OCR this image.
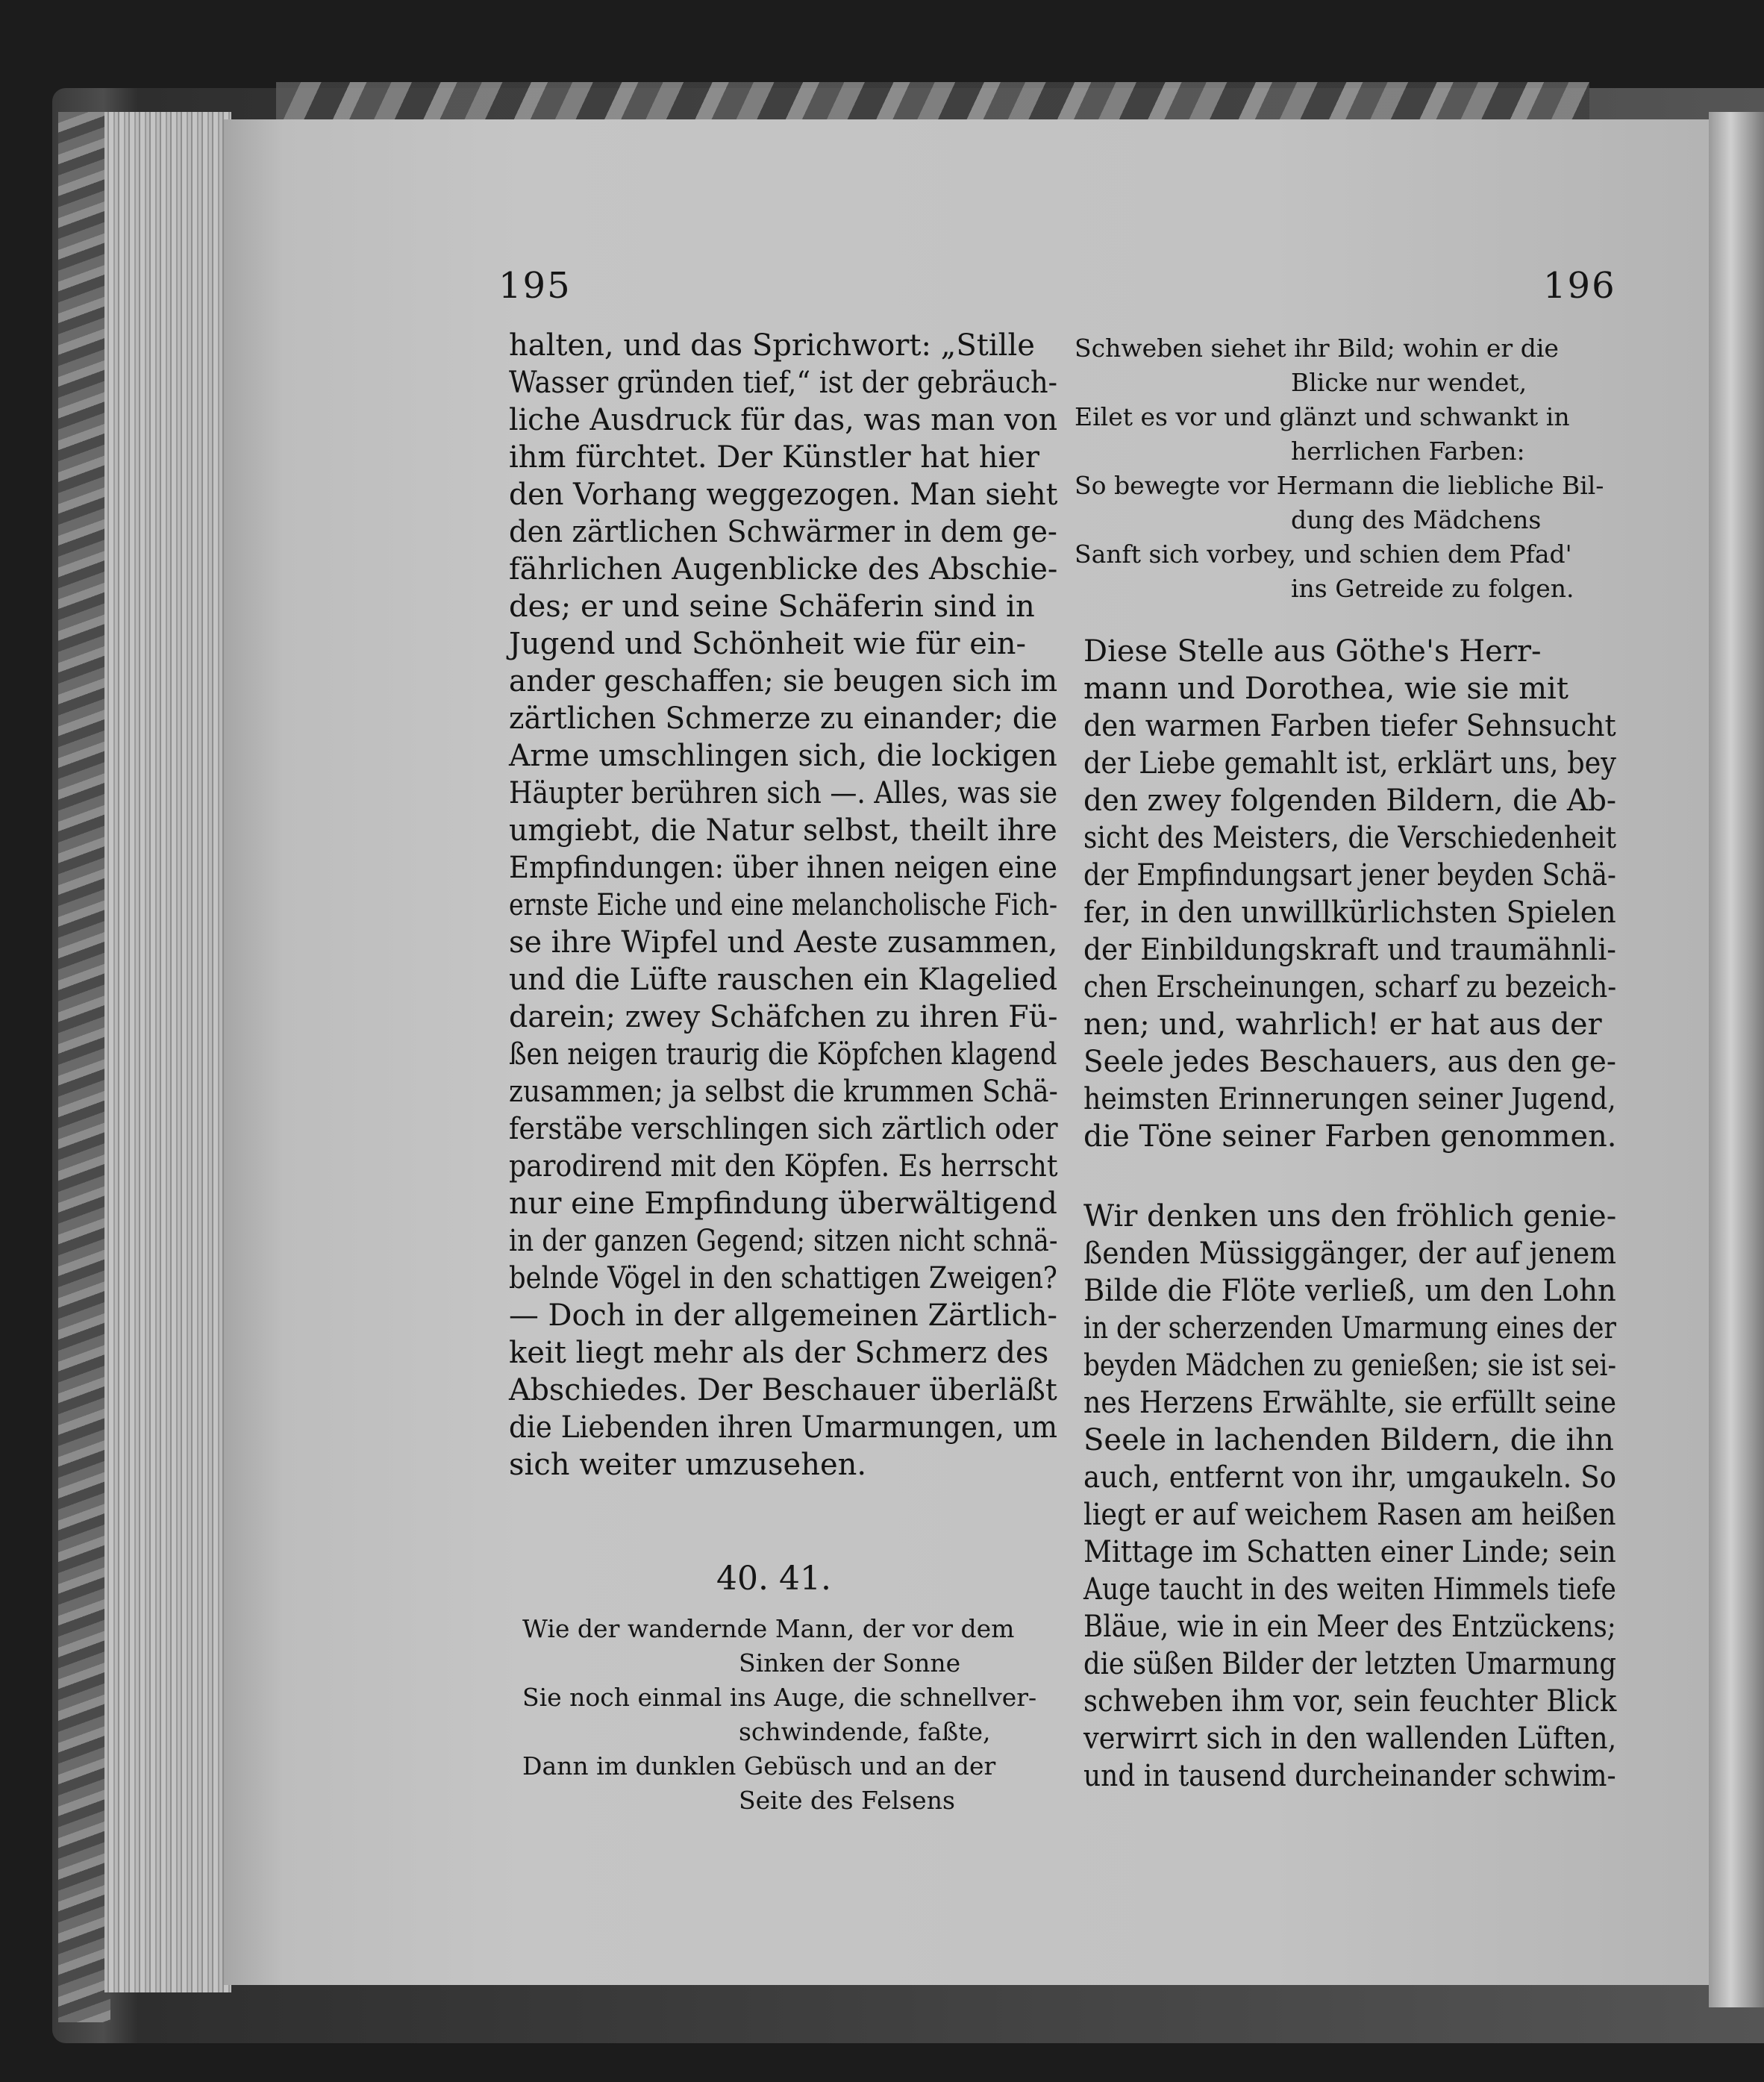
195	196
halten, und das Sprichwort: „Stille
Wasser gründen tief,“ ist der gebräuch-
liche Ausdruck für das, was man von
ihm fürchtet. Der Künstler hat hier
den Vorhang weggezogen. Man sieht
den zärtlichen Schwärmer in dem ge-
fährlichen Augenblicke des Abschie-
des; er und seine Schäferin sind in
Jugend und Schönheit wie für ein-
ander geschaffen; sie beugen sich im
zärtlichen Schmerze zu einander; die
Arme umschlingen sich, die lockigen
Häupter berühren sich —. Alles, was sie
umgiebt, die Natur selbst, theilt ihre
Empfindungen: über ihnen neigen eine
ernste Eiche und eine melancholische Fich-
se ihre Wipfel und Aeste zusammen,
und die Lüfte rauschen ein Klagelied
darein; zwey Schäfchen zu ihren Fü-
ßen neigen traurig die Köpfchen klagend
zusammen; ja selbst die krummen Schä-
ferstäbe verschlingen sich zärtlich oder
parodirend mit den Köpfen. Es herrscht
nur eine Empfindung überwältigend
in der ganzen Gegend; sitzen nicht schnä-
belnde Vögel in den schattigen Zweigen?
— Doch in der allgemeinen Zärtlich-
keit liegt mehr als der Schmerz des
Abschiedes. Der Beschauer überläßt
die Liebenden ihren Umarmungen, um
sich weiter umzusehen.
40. 41.
Wie der wandernde Mann, der vor dem
Sinken der Sonne
Sie noch einmal ins Auge, die schnellver-
schwindende, faßte,
Dann im dunklen Gebüsch und an der
Seite des Felsens
Schweben siehet ihr Bild; wohin er die
Blicke nur wendet,
Eilet es vor und glänzt und schwankt in
herrlichen Farben:
So bewegte vor Hermann die liebliche Bil-
dung des Mädchens
Sanft sich vorbey, und schien dem Pfad'
ins Getreide zu folgen.
Diese Stelle aus Göthe's Herr-
mann und Dorothea, wie sie mit
den warmen Farben tiefer Sehnsucht
der Liebe gemahlt ist, erklärt uns, bey
den zwey folgenden Bildern, die Ab-
sicht des Meisters, die Verschiedenheit
der Empfindungsart jener beyden Schä-
fer, in den unwillkürlichsten Spielen
der Einbildungskraft und traumähnli-
chen Erscheinungen, scharf zu bezeich-
nen; und, wahrlich! er hat aus der
Seele jedes Beschauers, aus den ge-
heimsten Erinnerungen seiner Jugend,
die Töne seiner Farben genommen.
Wir denken uns den fröhlich genie-
ßenden Müssiggänger, der auf jenem
Bilde die Flöte verließ, um den Lohn
in der scherzenden Umarmung eines der
beyden Mädchen zu genießen; sie ist sei-
nes Herzens Erwählte, sie erfüllt seine
Seele in lachenden Bildern, die ihn
auch, entfernt von ihr, umgaukeln. So
liegt er auf weichem Rasen am heißen
Mittage im Schatten einer Linde; sein
Auge taucht in des weiten Himmels tiefe
Bläue, wie in ein Meer des Entzückens;
die süßen Bilder der letzten Umarmung
schweben ihm vor, sein feuchter Blick
verwirrt sich in den wallenden Lüften,
und in tausend durcheinander schwim-
